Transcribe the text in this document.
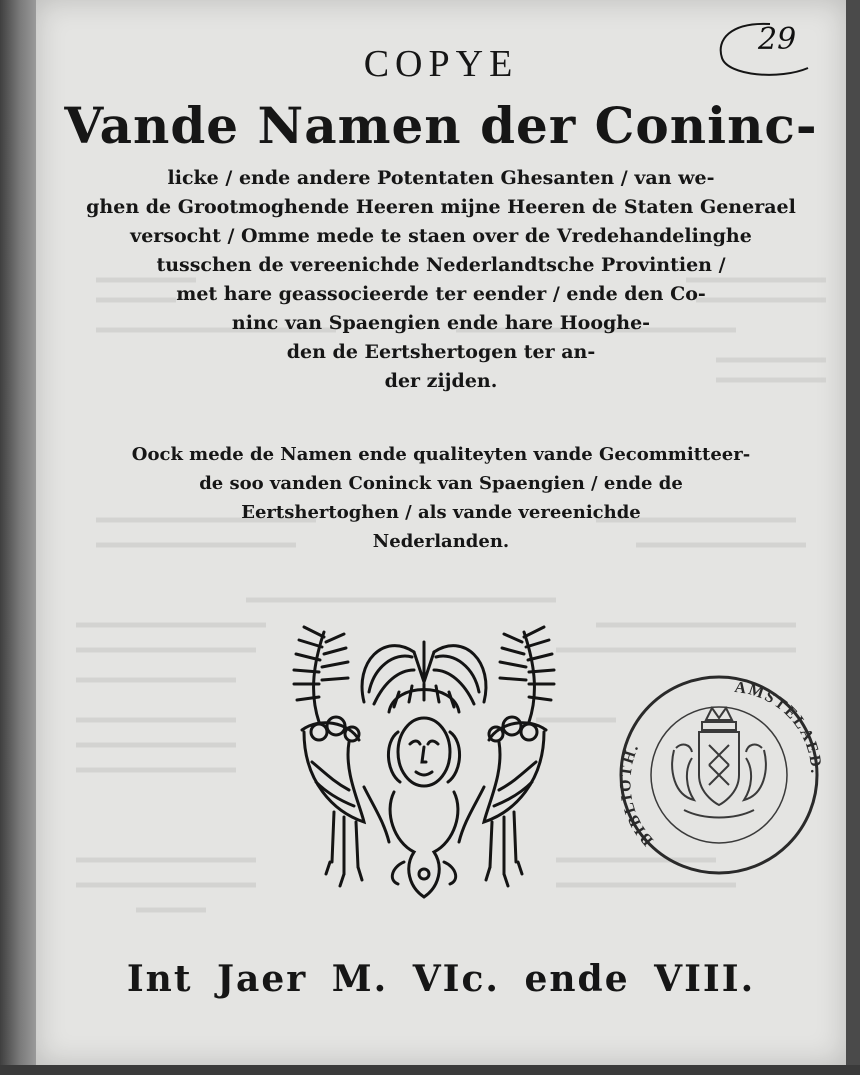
29
COPYE
Vande Namen der Coninc-
licke / ende andere Potentaten Ghesanten / van we-
ghen de Grootmoghende Heeren mijne Heeren de Staten Generael
versocht / Omme mede te staen over de Vredehandelinghe
tusschen de vereenichde Nederlandtsche Provintien /
met hare geassocieerde ter eender / ende den Co-
ninc van Spaengien ende hare Hooghe-
den de Eertshertogen ter an-
der zijden.
Oock mede de Namen ende qualiteyten vande Gecommitteer-
de soo vanden Coninck van Spaengien / ende de
Eertshertoghen / als vande vereenichde
Nederlanden.
BIBLIOTH.
AMSTELAED.
Int Jaer M. VIc. ende VIII.
